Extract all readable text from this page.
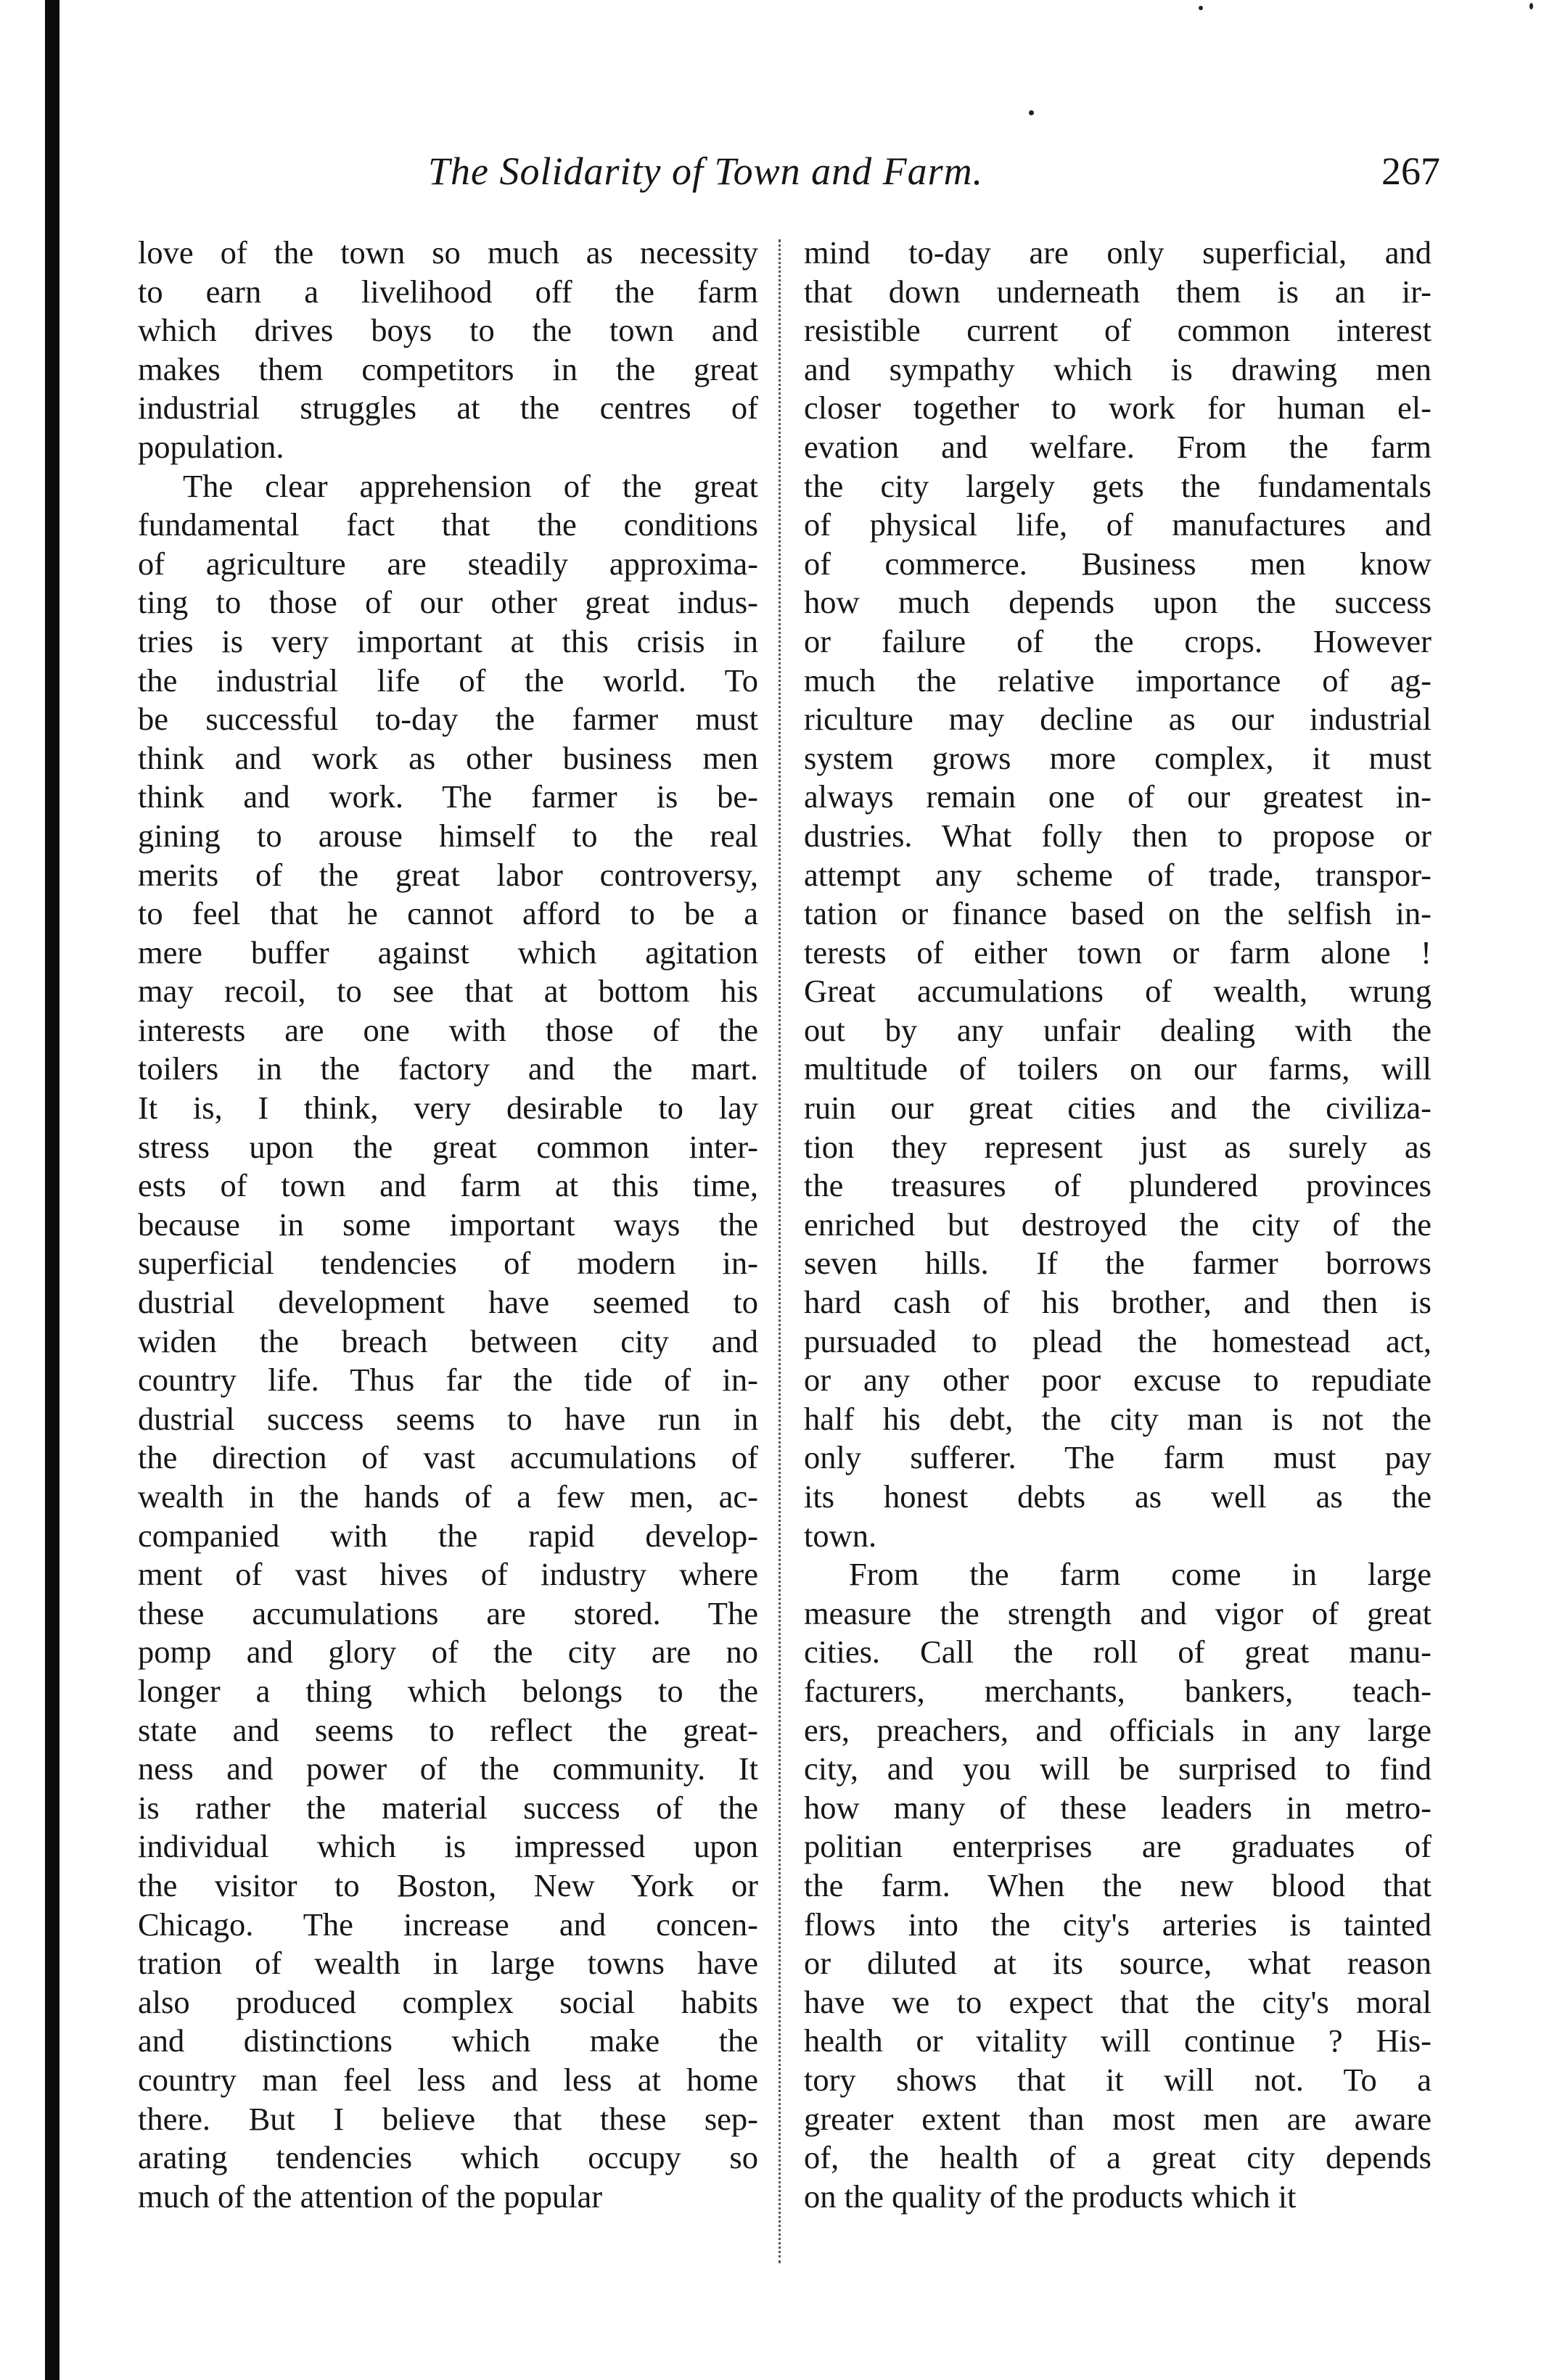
The Solidarity of Town and Farm.	267
love of the town so much as necessity
to earn a livelihood off the farm
which drives boys to the town and
makes them competitors in the great
industrial struggles at the centres of
population.
The clear apprehension of the great
fundamental fact that the conditions
of agriculture are steadily approxima-
ting to those of our other great indus-
tries is very important at this crisis in
the industrial life of the world. To
be successful to-day the farmer must
think and work as other business men
think and work. The farmer is be-
gining to arouse himself to the real
merits of the great labor controversy,
to feel that he cannot afford to be a
mere buffer against which agitation
may recoil, to see that at bottom his
interests are one with those of the
toilers in the factory and the mart.
It is, I think, very desirable to lay
stress upon the great common inter-
ests of town and farm at this time,
because in some important ways the
superficial tendencies of modern in-
dustrial development have seemed to
widen the breach between city and
country life. Thus far the tide of in-
dustrial success seems to have run in
the direction of vast accumulations of
wealth in the hands of a few men, ac-
companied with the rapid develop-
ment of vast hives of industry where
these accumulations are stored. The
pomp and glory of the city are no
longer a thing which belongs to the
state and seems to reflect the great-
ness and power of the community. It
is rather the material success of the
individual which is impressed upon
the visitor to Boston, New York or
Chicago. The increase and concen-
tration of wealth in large towns have
also produced complex social habits
and distinctions which make the
country man feel less and less at home
there. But I believe that these sep-
arating tendencies which occupy so
much of the attention of the popular
mind to-day are only superficial, and
that down underneath them is an ir-
resistible current of common interest
and sympathy which is drawing men
closer together to work for human el-
evation and welfare. From the farm
the city largely gets the fundamentals
of physical life, of manufactures and
of commerce. Business men know
how much depends upon the success
or failure of the crops. However
much the relative importance of ag-
riculture may decline as our industrial
system grows more complex, it must
always remain one of our greatest in-
dustries. What folly then to propose or
attempt any scheme of trade, transpor-
tation or finance based on the selfish in-
terests of either town or farm alone !
Great accumulations of wealth, wrung
out by any unfair dealing with the
multitude of toilers on our farms, will
ruin our great cities and the civiliza-
tion they represent just as surely as
the treasures of plundered provinces
enriched but destroyed the city of the
seven hills. If the farmer borrows
hard cash of his brother, and then is
pursuaded to plead the homestead act,
or any other poor excuse to repudiate
half his debt, the city man is not the
only sufferer. The farm must pay
its honest debts as well as the
town.
From the farm come in large
measure the strength and vigor of great
cities. Call the roll of great manu-
facturers, merchants, bankers, teach-
ers, preachers, and officials in any large
city, and you will be surprised to find
how many of these leaders in metro-
politian enterprises are graduates of
the farm. When the new blood that
flows into the city's arteries is tainted
or diluted at its source, what reason
have we to expect that the city's moral
health or vitality will continue ? His-
tory shows that it will not. To a
greater extent than most men are aware
of, the health of a great city depends
on the quality of the products which it
